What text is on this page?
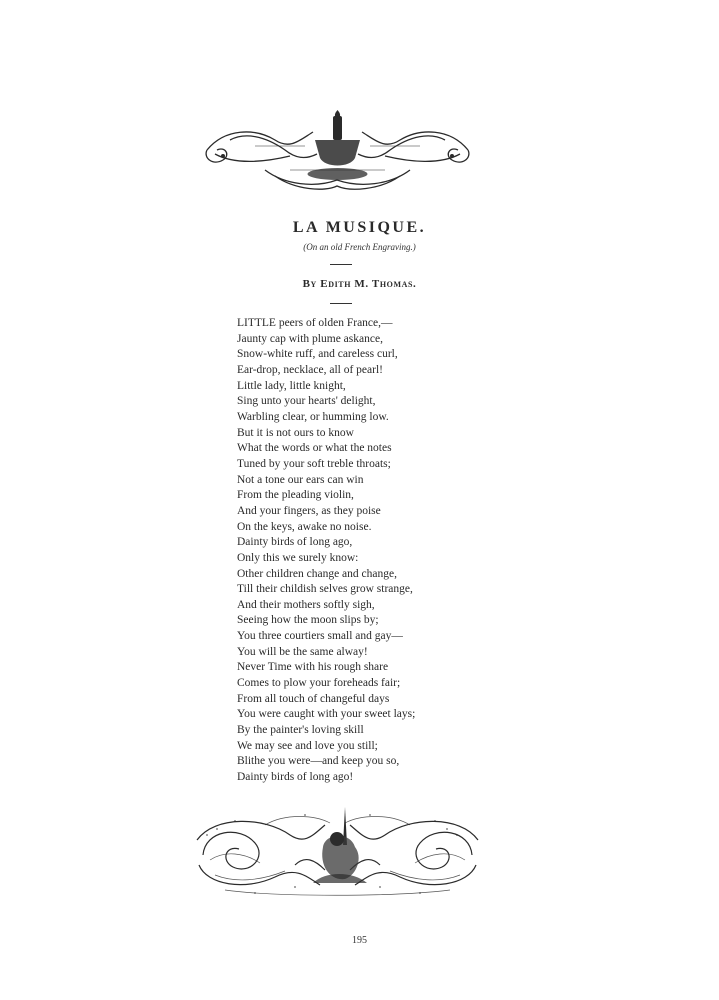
LA MUSIQUE.
(On an old French Engraving.)
By Edith M. Thomas.
LITTLE peers of olden France,—
Jaunty cap with plume askance,
Snow-white ruff, and careless curl,
Ear-drop, necklace, all of pearl!
Little lady, little knight,
Sing unto your hearts' delight,
Warbling clear, or humming low.
But it is not ours to know
What the words or what the notes
Tuned by your soft treble throats;
Not a tone our ears can win
From the pleading violin,
And your fingers, as they poise
On the keys, awake no noise.
Dainty birds of long ago,
Only this we surely know:
Other children change and change,
Till their childish selves grow strange,
And their mothers softly sigh,
Seeing how the moon slips by;
You three courtiers small and gay—
You will be the same alway!
Never Time with his rough share
Comes to plow your foreheads fair;
From all touch of changeful days
You were caught with your sweet lays;
By the painter's loving skill
We may see and love you still;
Blithe you were—and keep you so,
Dainty birds of long ago!
195
